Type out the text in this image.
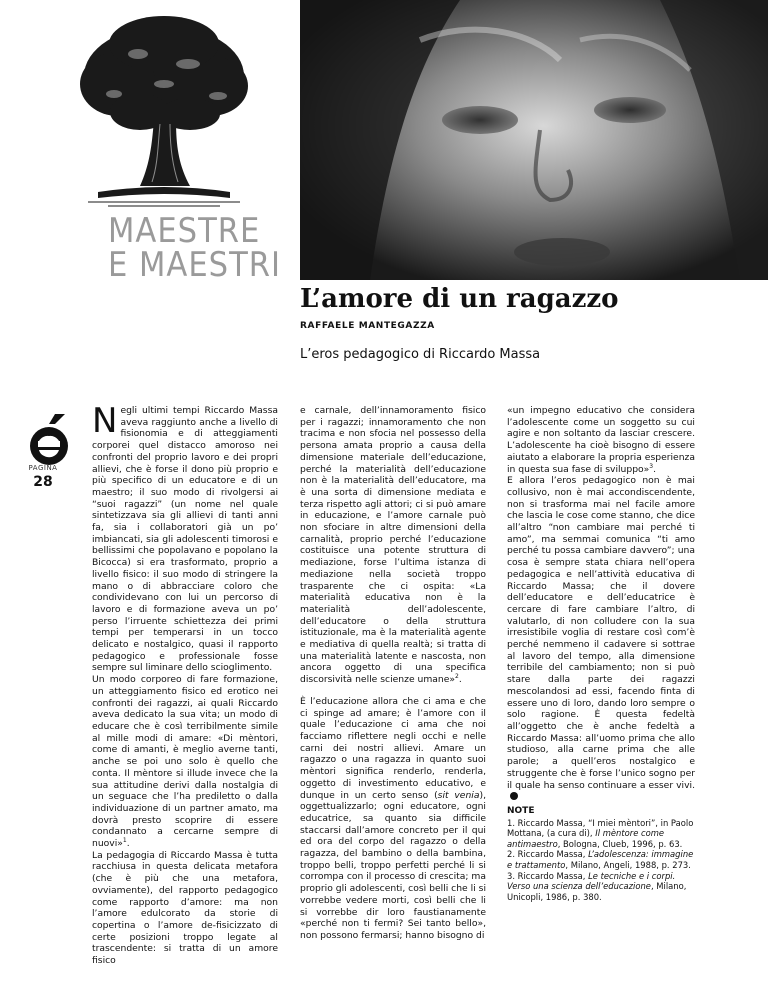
MAESTRE
E MAESTRI
L’amore di un ragazzo

RAFFAELE MANTEGAZZA

L’eros pedagogico di Riccardo Massa

PAGINA
28

Negli ultimi tempi Riccardo Massa aveva raggiunto anche a livello di fisionomia e di atteggiamenti corporei quel distacco amoroso nei confronti del proprio lavoro e dei propri allievi, che è forse il dono più proprio e più specifico di un educatore e di un maestro; il suo modo di rivolgersi ai “suoi ragazzi” (un nome nel quale sintetizzava sia gli allievi di tanti anni fa, sia i collaboratori già un po’ imbiancati, sia gli adolescenti timorosi e bellissimi che popolavano e popolano la Bicocca) si era trasformato, proprio a livello fisico: il suo modo di stringere la mano o di abbracciare coloro che condividevano con lui un percorso di lavoro e di formazione aveva un po’ perso l’irruente schiettezza dei primi tempi per temperarsi in un tocco delicato e nostalgico, quasi il rapporto pedagogico e professionale fosse sempre sul liminare dello scioglimento.

Un modo corporeo di fare formazione, un atteggiamento fisico ed erotico nei confronti dei ragazzi, ai quali Riccardo aveva dedicato la sua vita; un modo di educare che è così terribilmente simile al mille modi di amare: «Di mèntori, come di amanti, è meglio averne tanti, anche se poi uno solo è quello che conta. Il mèntore si illude invece che la sua attitudine derivi dalla nostalgia di un seguace che l’ha prediletto o dalla individuazione di un partner amato, ma dovrà presto scoprire di essere condannato a cercarne sempre di nuovi»$^1$.

La pedagogia di Riccardo Massa è tutta racchiusa in questa delicata metafora (che è più che una metafora, ovviamente), del rapporto pedagogico come rapporto d’amore: ma non l’amore edulcorato da storie di copertina o l’amore de-fisicizzato di certe posizioni troppo legate al trascendente: si tratta di un amore fisico

e carnale, dell’innamoramento fisico per i ragazzi; innamoramento che non tracima e non sfocia nel possesso della persona amata proprio a causa della dimensione materiale dell’educazione, perché la materialità dell’educazione non è la materialità dell’educatore, ma è una sorta di dimensione mediata e terza rispetto agli attori; ci si può amare in educazione, e l’amore carnale può non sfociare in altre dimensioni della carnalità, proprio perché l’educazione costituisce una potente struttura di mediazione, forse l’ultima istanza di mediazione nella società troppo trasparente che ci ospita: «La materialità educativa non è la materialità dell’adolescente, dell’educatore o della struttura istituzionale, ma è la materialità agente e mediativa di quella realtà; si tratta di una materialità latente e nascosta, non ancora oggetto di una specifica discorsività nelle scienze umane»$^2$.

È l’educazione allora che ci ama e che ci spinge ad amare; è l’amore con il quale l’educazione ci ama che noi facciamo riflettere negli occhi e nelle carni dei nostri allievi. Amare un ragazzo o una ragazza in quanto suoi mèntori significa renderlo, renderla, oggetto di investimento educativo, e dunque in un certo senso (sit venia), oggettualizzarlo; ogni educatore, ogni educatrice, sa quanto sia difficile staccarsi dall’amore concreto per il qui ed ora del corpo del ragazzo o della ragazza, del bambino o della bambina, troppo belli, troppo perfetti perché li si corrompa con il processo di crescita; ma proprio gli adolescenti, così belli che li si vorrebbe vedere morti, così belli che li si vorrebbe dir loro faustianamente «perché non ti fermi? Sei tanto bello», non possono fermarsi; hanno bisogno di

«un impegno educativo che considera l’adolescente come un soggetto su cui agire e non soltanto da lasciar crescere. L’adolescente ha cioè bisogno di essere aiutato a elaborare la propria esperienza in questa sua fase di sviluppo»$^3$.

E allora l’eros pedagogico non è mai collusivo, non è mai accondiscendente, non si trasforma mai nel facile amore che lascia le cose come stanno, che dice all’altro “non cambiare mai perché ti amo”, ma semmai comunica “ti amo perché tu possa cambiare davvero”; una cosa è sempre stata chiara nell’opera pedagogica e nell’attività educativa di Riccardo Massa; che il dovere dell’educatore e dell’educatrice è cercare di fare cambiare l’altro, di valutarlo, di non colludere con la sua irresistibile voglia di restare così com’è perché nemmeno il cadavere si sottrae al lavoro del tempo, alla dimensione terribile del cambiamento; non si può stare dalla parte dei ragazzi mescolandosi ad essi, facendo finta di essere uno di loro, dando loro sempre o solo ragione. È questa fedeltà all’oggetto che è anche fedeltà a Riccardo Massa: all’uomo prima che allo studioso, alla carne prima che alle parole; a quell’eros nostalgico e struggente che è forse l’unico sogno per il quale ha senso continuare a esser vivi.

NOTE

1. Riccardo Massa, “I miei mèntori”, in Paolo Mottana, (a cura di), Il mèntore come antimaestro, Bologna, Clueb, 1996, p. 63.

2. Riccardo Massa, L’adolescenza: immagine e trattamento, Milano, Angeli, 1988, p. 273.

3. Riccardo Massa, Le tecniche e i corpi. Verso una scienza dell’educazione, Milano, Unicopli, 1986, p. 380.
